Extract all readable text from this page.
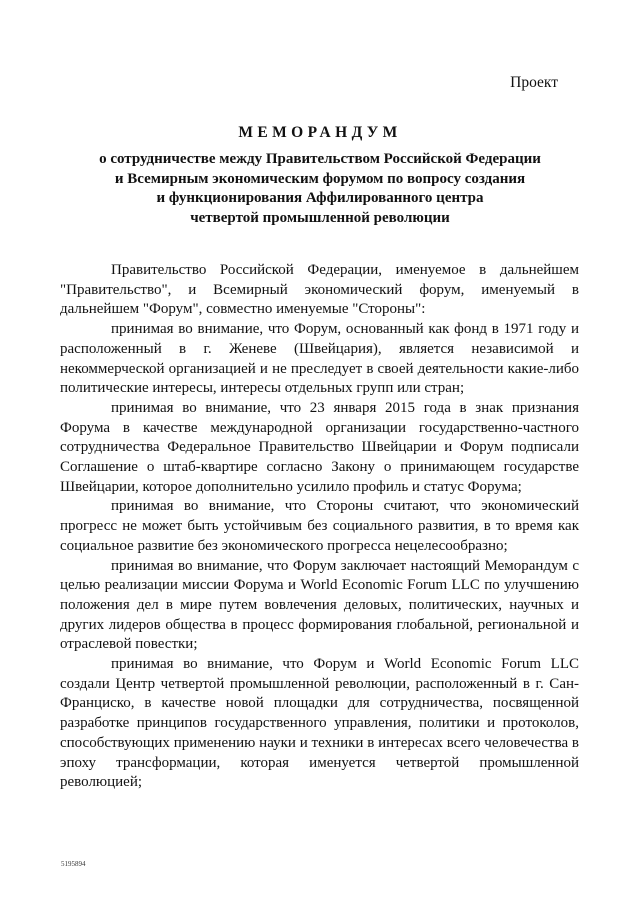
Проект
МЕМОРАНДУМ
о сотрудничестве между Правительством Российской Федерации
и Всемирным экономическим форумом по вопросу создания
и функционирования Аффилированного центра
четвертой промышленной революции

Правительство Российской Федерации, именуемое в дальнейшем "Правительство", и Всемирный экономический форум, именуемый в дальнейшем "Форум", совместно именуемые "Стороны":

принимая во внимание, что Форум, основанный как фонд в 1971 году и расположенный в г. Женеве (Швейцария), является независимой и некоммерческой организацией и не преследует в своей деятельности какие-либо политические интересы, интересы отдельных групп или стран;

принимая во внимание, что 23 января 2015 года в знак признания Форума в качестве международной организации государственно-частного сотрудничества Федеральное Правительство Швейцарии и Форум подписали Соглашение о штаб-квартире согласно Закону о принимающем государстве Швейцарии, которое дополнительно усилило профиль и статус Форума;

принимая во внимание, что Стороны считают, что экономический прогресс не может быть устойчивым без социального развития, в то время как социальное развитие без экономического прогресса нецелесообразно;

принимая во внимание, что Форум заключает настоящий Меморандум с целью реализации миссии Форума и World Economic Forum LLC по улучшению положения дел в мире путем вовлечения деловых, политических, научных и других лидеров общества в процесс формирования глобальной, региональной и отраслевой повестки;

принимая во внимание, что Форум и World Economic Forum LLC создали Центр четвертой промышленной революции, расположенный в г. Сан-Франциско, в качестве новой площадки для сотрудничества, посвященной разработке принципов государственного управления, политики и протоколов, способствующих применению науки и техники в интересах всего человечества в эпоху трансформации, которая именуется четвертой промышленной революцией;

5195894
